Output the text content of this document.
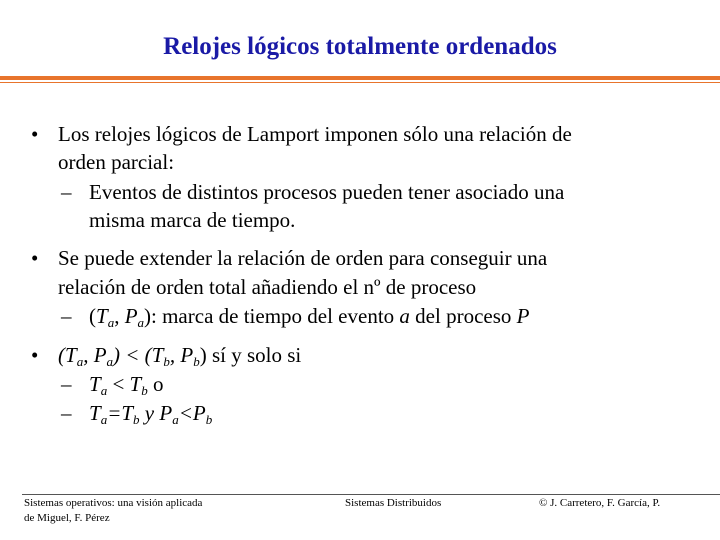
Relojes lógicos totalmente ordenados
• Los relojes lógicos de Lamport imponen sólo una relación de
orden parcial:
– Eventos de distintos procesos pueden tener asociado una
misma marca de tiempo.
• Se puede extender la relación de orden para conseguir una
relación de orden total añadiendo el nº de proceso
– ($T_a$, $P_a$): marca de tiempo del evento a del proceso P
• ($T_a$, $P_a) < (T_b$, $P_b$) sí y solo si
– $T_a < T_b$ o
– $T_a=T_b$ y $P_a<P_b$
Sistemas operativos: una visión aplicada
de Miguel, F. Pérez
Sistemas Distribuidos	© J. Carretero, F. García, P.
